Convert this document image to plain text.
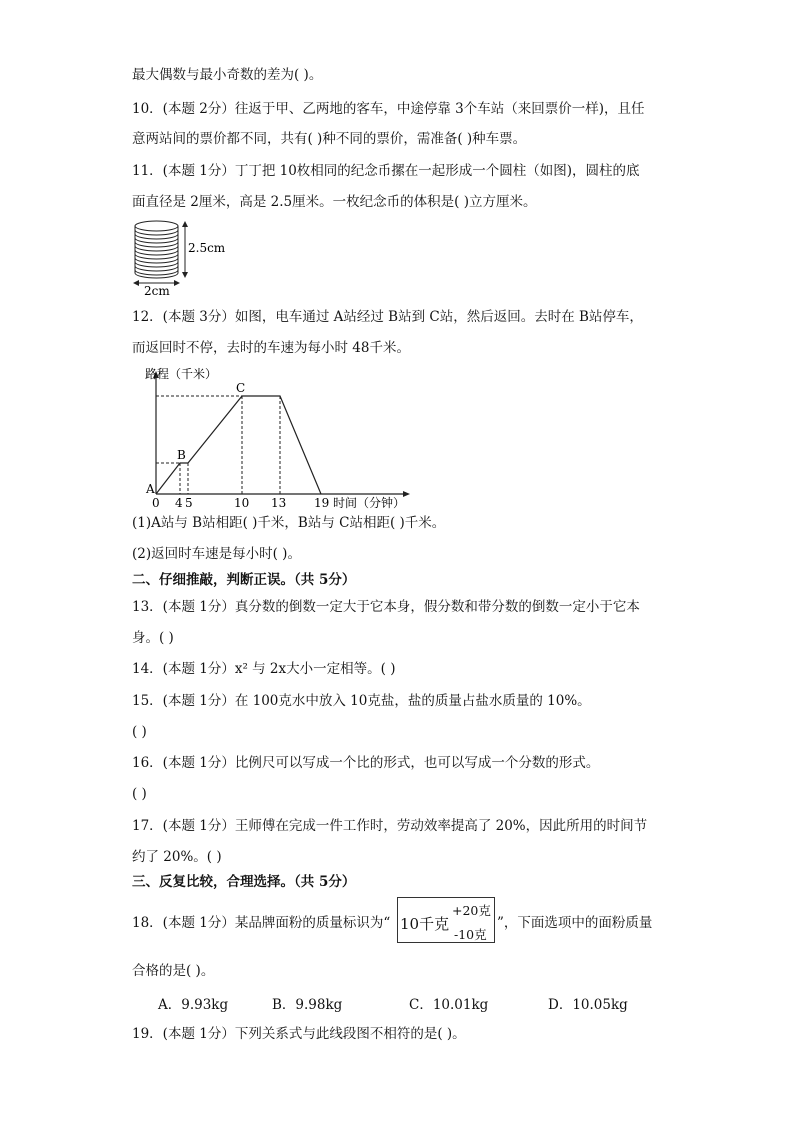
最大偶数与最小奇数的差为( )。
10．(本题 2分）往返于甲、乙两地的客车，中途停靠 3个车站（来回票价一样)，且任
意两站间的票价都不同，共有( )种不同的票价，需准备( )种车票。
11．(本题 1分）丁丁把 10枚相同的纪念币摞在一起形成一个圆柱（如图)，圆柱的底
面直径是 2厘米，高是 2.5厘米。一枚纪念币的体积是( )立方厘米。
2.5cm
2cm
12．(本题 3分）如图，电车通过 A站经过 B站到 C站，然后返回。去时在 B站停车，
而返回时不停，去时的车速为每小时 48千米。
路程（千米）
A
B
C
0 4 5	10 13 19 时间（分钟）
(1)A站与 B站相距( )千米，B站与 C站相距( )千米。
(2)返回时车速是每小时( )。
二、仔细推敲，判断正误。（共 5分）
13．(本题 1分）真分数的倒数一定大于它本身，假分数和带分数的倒数一定小于它本
身。( )
14．(本题 1分）x² 与 2x大小一定相等。( )
15．(本题 1分）在 100克水中放入 10克盐，盐的质量占盐水质量的 10%。
( )
16．(本题 1分）比例尺可以写成一个比的形式，也可以写成一个分数的形式。
( )
17．(本题 1分）王师傅在完成一件工作时，劳动效率提高了 20%，因此所用的时间节
约了 20%。( )
三、反复比较，合理选择。（共 5分）
18．(本题 1分）某品牌面粉的质量标识为“ 10千克
+20克
-10克
”，下面选项中的面粉质量
合格的是( )。
A．9.93kg	B．9.98kg	C．10.01kg	D．10.05kg
19．(本题 1分）下列关系式与此线段图不相符的是( )。
